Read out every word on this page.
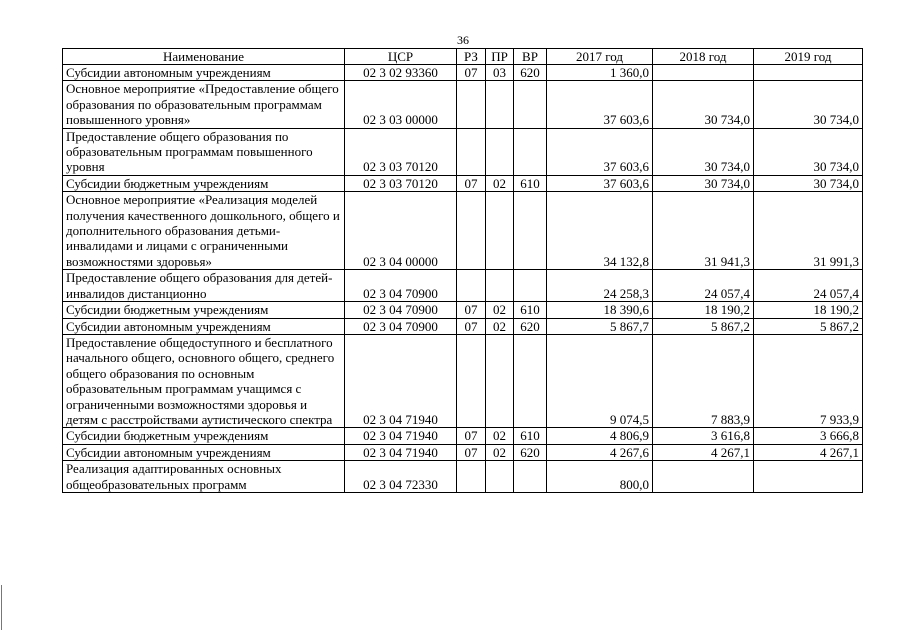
36
Наименование	ЦСР	РЗ	ПР	ВР	2017 год	2018 год	2019 год
Субсидии автономным учреждениям	02 3 02 93360	07	03	620	1 360,0		
Основное мероприятие «Предоставление общего образования по образовательным программам повышенного уровня»	02 3 03 00000				37 603,6	30 734,0	30 734,0
Предоставление общего образования по образовательным программам повышенного уровня	02 3 03 70120				37 603,6	30 734,0	30 734,0
Субсидии бюджетным учреждениям	02 3 03 70120	07	02	610	37 603,6	30 734,0	30 734,0
Основное мероприятие «Реализация моделей получения качественного дошкольного, общего и дополнительного образования детьми-инвалидами и лицами с ограниченными возможностями здоровья»	02 3 04 00000				34 132,8	31 941,3	31 991,3
Предоставление общего образования для детей-инвалидов дистанционно	02 3 04 70900				24 258,3	24 057,4	24 057,4
Субсидии бюджетным учреждениям	02 3 04 70900	07	02	610	18 390,6	18 190,2	18 190,2
Субсидии автономным учреждениям	02 3 04 70900	07	02	620	5 867,7	5 867,2	5 867,2
Предоставление общедоступного и бесплатного начального общего, основного общего, среднего общего образования по основным образовательным программам учащимся с ограниченными возможностями здоровья и детям с расстройствами аутистического спектра	02 3 04 71940				9 074,5	7 883,9	7 933,9
Субсидии бюджетным учреждениям	02 3 04 71940	07	02	610	4 806,9	3 616,8	3 666,8
Субсидии автономным учреждениям	02 3 04 71940	07	02	620	4 267,6	4 267,1	4 267,1
Реализация адаптированных основных общеобразовательных программ	02 3 04 72330				800,0		
